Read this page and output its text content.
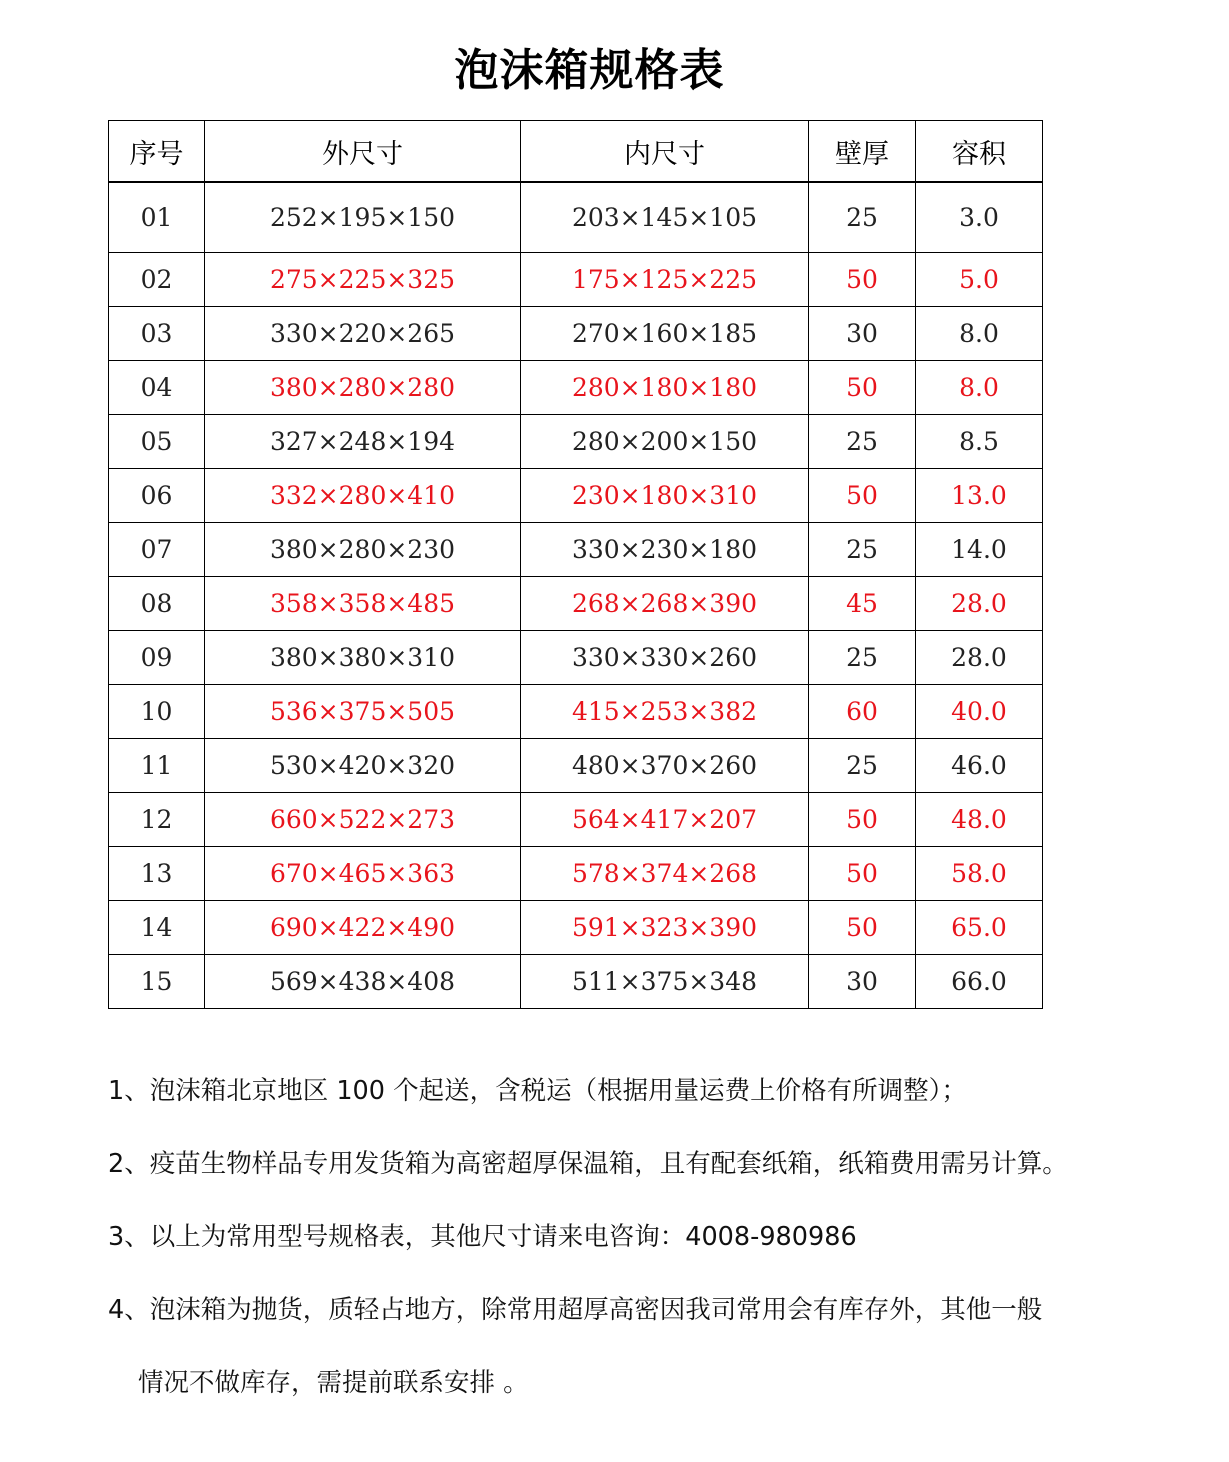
泡沫箱规格表
序号	外尺寸	内尺寸	壁厚	容积
01	252×195×150	203×145×105	25	3.0
02	275×225×325	175×125×225	50	5.0
03	330×220×265	270×160×185	30	8.0
04	380×280×280	280×180×180	50	8.0
05	327×248×194	280×200×150	25	8.5
06	332×280×410	230×180×310	50	13.0
07	380×280×230	330×230×180	25	14.0
08	358×358×485	268×268×390	45	28.0
09	380×380×310	330×330×260	25	28.0
10	536×375×505	415×253×382	60	40.0
11	530×420×320	480×370×260	25	46.0
12	660×522×273	564×417×207	50	48.0
13	670×465×363	578×374×268	50	58.0
14	690×422×490	591×323×390	50	65.0
15	569×438×408	511×375×348	30	66.0
1、泡沫箱北京地区 100 个起送，含税运（根据用量运费上价格有所调整）；
2、疫苗生物样品专用发货箱为高密超厚保温箱，且有配套纸箱，纸箱费用需另计算。
3、以上为常用型号规格表，其他尺寸请来电咨询：4008-980986
4、泡沫箱为抛货，质轻占地方，除常用超厚高密因我司常用会有库存外，其他一般
情况不做库存，需提前联系安排 。
